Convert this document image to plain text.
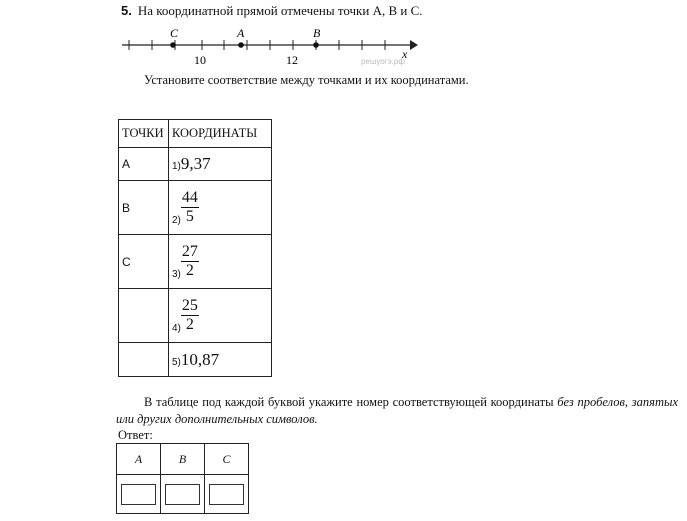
5. На координатной прямой отмечены точки А, В и С.
C	A	B
10	12	x
решуогэ.рф
Установите соответствие между точками и их координатами.
ТОЧКИ	КООРДИНАТЫ
A	1)9,37
B	$_{2)} \frac{44}{5}$

C	$_{3)} \frac{27}{2}$

	$_{4)} \frac{25}{2}$

	5)10,87
В таблице под каждой буквой укажите номер соответствующей координаты без пробелов, запятых или других дополнительных символов.
Ответ:
A	B	C
